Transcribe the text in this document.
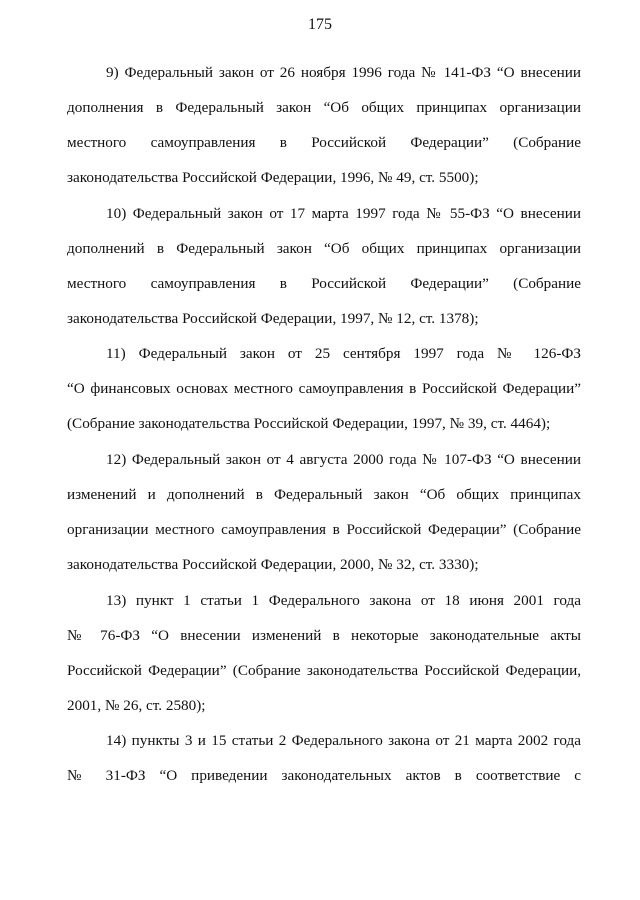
175
9) Федеральный закон от 26 ноября 1996 года № 141-ФЗ “О внесении
дополнения в Федеральный закон “Об общих принципах организации
местного самоуправления в Российской Федерации” (Собрание
законодательства Российской Федерации, 1996, № 49, ст. 5500);
10) Федеральный закон от 17 марта 1997 года № 55-ФЗ “О внесении
дополнений в Федеральный закон “Об общих принципах организации
местного самоуправления в Российской Федерации” (Собрание
законодательства Российской Федерации, 1997, № 12, ст. 1378);
11) Федеральный закон от 25 сентября 1997 года № 126-ФЗ
“О финансовых основах местного самоуправления в Российской Федерации”
(Собрание законодательства Российской Федерации, 1997, № 39, ст. 4464);
12) Федеральный закон от 4 августа 2000 года № 107-ФЗ “О внесении
изменений и дополнений в Федеральный закон “Об общих принципах
организации местного самоуправления в Российской Федерации” (Собрание
законодательства Российской Федерации, 2000, № 32, ст. 3330);
13) пункт 1 статьи 1 Федерального закона от 18 июня 2001 года
№ 76-ФЗ “О внесении изменений в некоторые законодательные акты
Российской Федерации” (Собрание законодательства Российской Федерации,
2001, № 26, ст. 2580);
14) пункты 3 и 15 статьи 2 Федерального закона от 21 марта 2002 года
№ 31-ФЗ “О приведении законодательных актов в соответствие с
